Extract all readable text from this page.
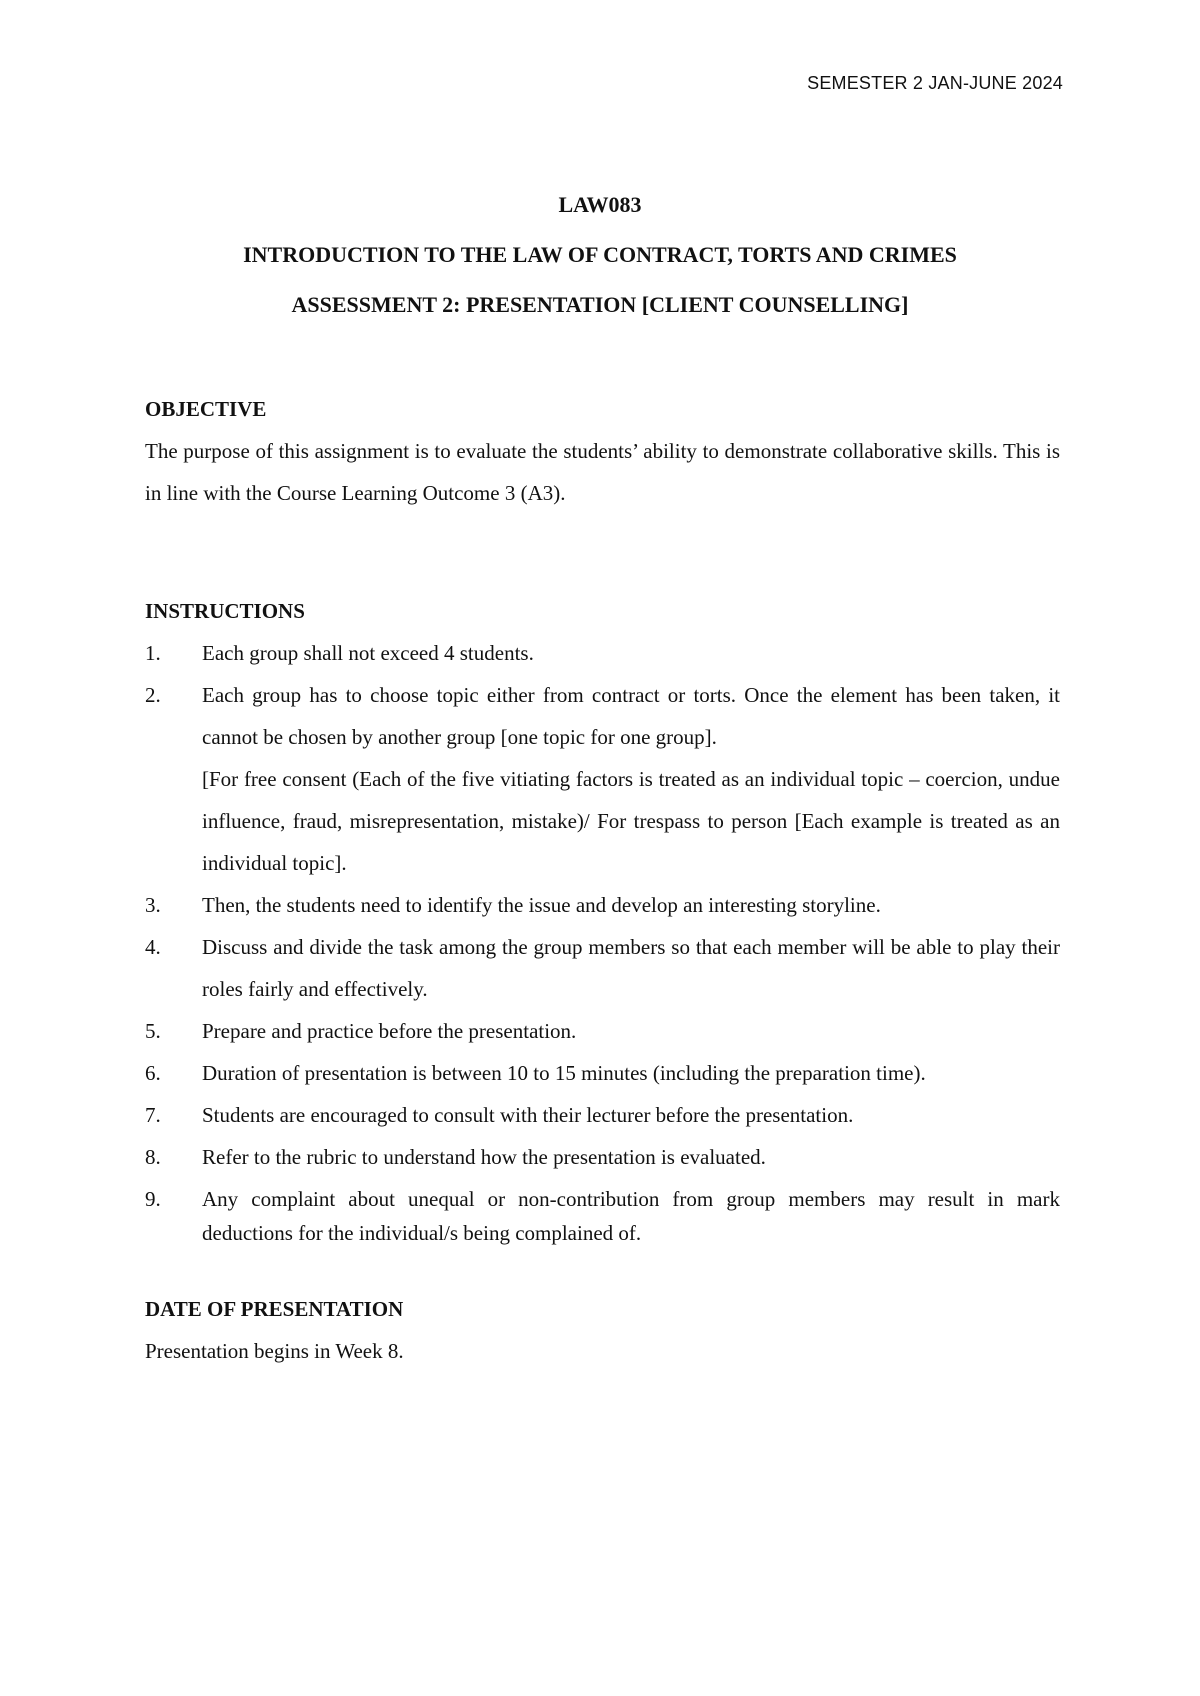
SEMESTER 2 JAN-JUNE 2024

LAW083

INTRODUCTION TO THE LAW OF CONTRACT, TORTS AND CRIMES

ASSESSMENT 2: PRESENTATION [CLIENT COUNSELLING]

OBJECTIVE

The purpose of this assignment is to evaluate the students’ ability to demonstrate collaborative skills. This is in line with the Course Learning Outcome 3 (A3).

INSTRUCTIONS

1.	Each group shall not exceed 4 students.
2.	Each group has to choose topic either from contract or torts. Once the element has been taken, it cannot be chosen by another group [one topic for one group].
[For free consent (Each of the five vitiating factors is treated as an individual topic – coercion, undue influence, fraud, misrepresentation, mistake)/ For trespass to person [Each example is treated as an individual topic].
3.	Then, the students need to identify the issue and develop an interesting storyline.
4.	Discuss and divide the task among the group members so that each member will be able to play their roles fairly and effectively.
5.	Prepare and practice before the presentation.
6.	Duration of presentation is between 10 to 15 minutes (including the preparation time).
7.	Students are encouraged to consult with their lecturer before the presentation.
8.	Refer to the rubric to understand how the presentation is evaluated.
9.	Any complaint about unequal or non-contribution from group members may result in mark deductions for the individual/s being complained of.

DATE OF PRESENTATION

Presentation begins in Week 8.
